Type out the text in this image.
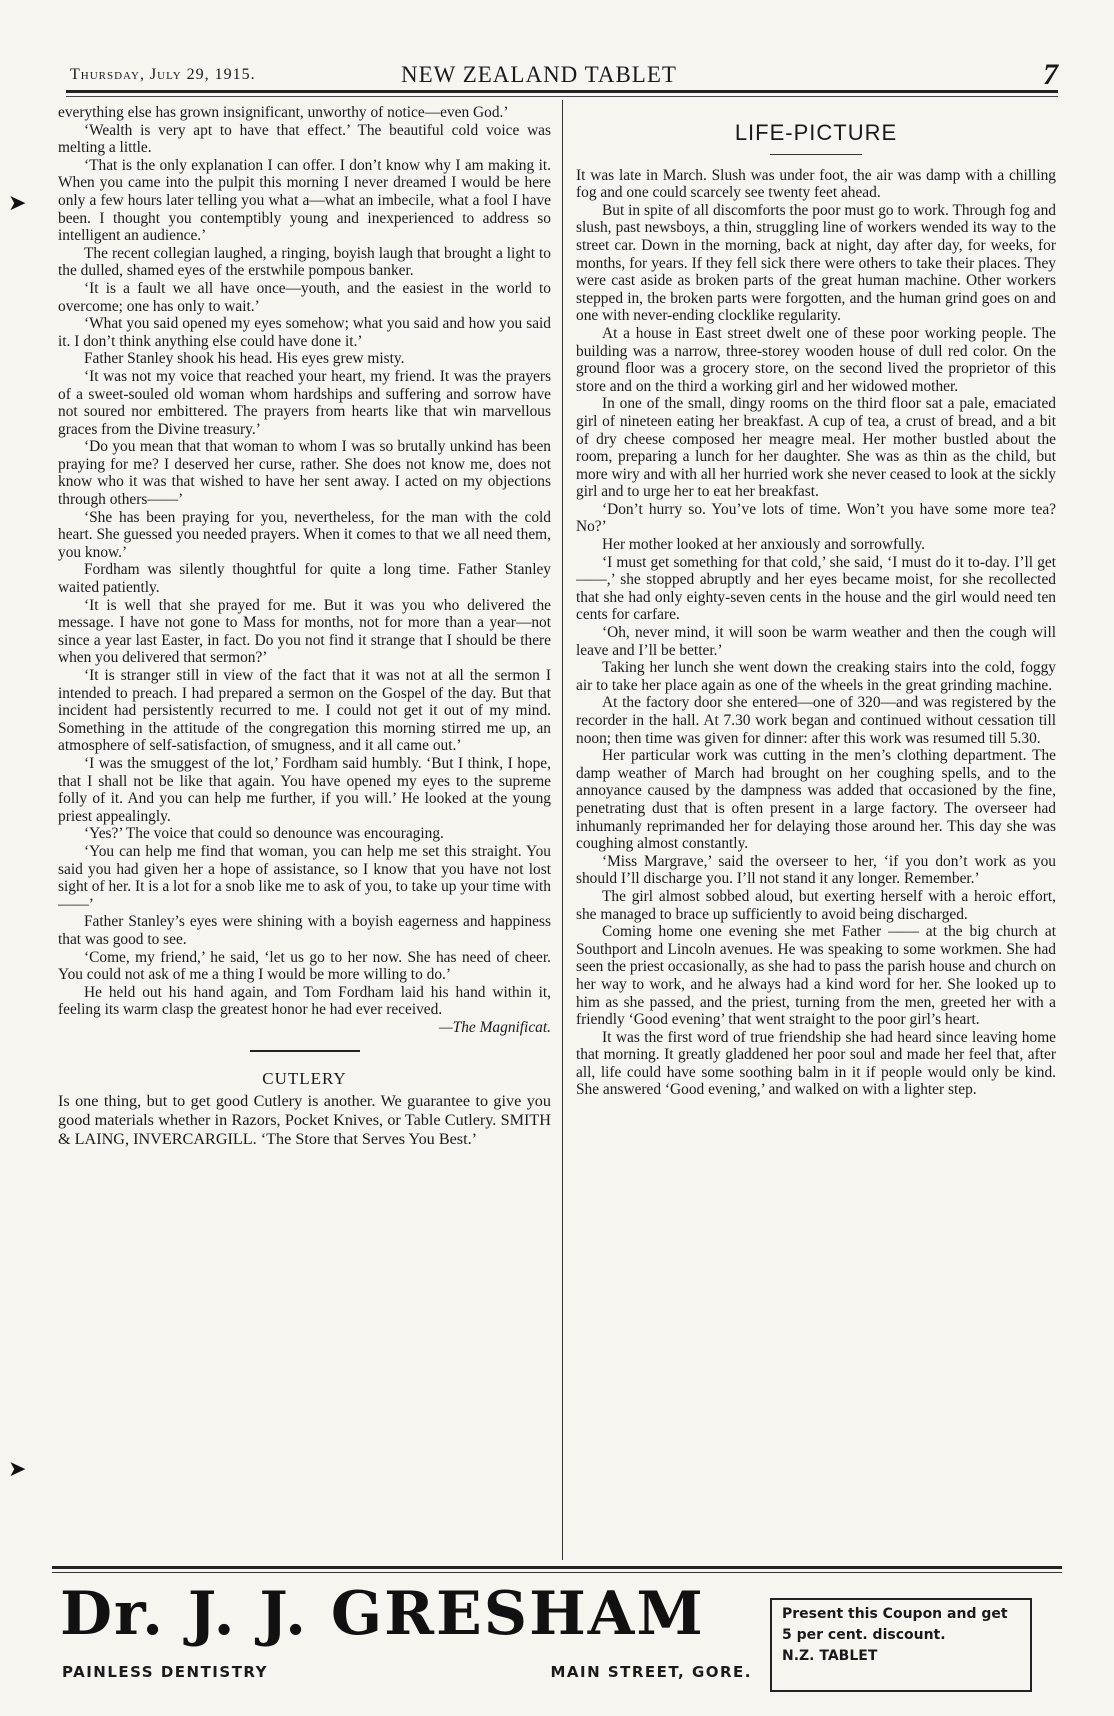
Thursday, July 29, 1915.	NEW ZEALAND TABLET	7

everything else has grown insignificant, unworthy of notice—even God.’

‘Wealth is very apt to have that effect.’ The beautiful cold voice was melting a little.

‘That is the only explanation I can offer. I don’t know why I am making it. When you came into the pulpit this morning I never dreamed I would be here only a few hours later telling you what a—what an imbecile, what a fool I have been. I thought you contemptibly young and inexperienced to address so intelligent an audience.’

The recent collegian laughed, a ringing, boyish laugh that brought a light to the dulled, shamed eyes of the erstwhile pompous banker.

‘It is a fault we all have once—youth, and the easiest in the world to overcome; one has only to wait.’

‘What you said opened my eyes somehow; what you said and how you said it. I don’t think anything else could have done it.’

Father Stanley shook his head. His eyes grew misty.

‘It was not my voice that reached your heart, my friend. It was the prayers of a sweet-souled old woman whom hardships and suffering and sorrow have not soured nor embittered. The prayers from hearts like that win marvellous graces from the Divine treasury.’

‘Do you mean that that woman to whom I was so brutally unkind has been praying for me? I deserved her curse, rather. She does not know me, does not know who it was that wished to have her sent away. I acted on my objections through others——’

‘She has been praying for you, nevertheless, for the man with the cold heart. She guessed you needed prayers. When it comes to that we all need them, you know.’

Fordham was silently thoughtful for quite a long time. Father Stanley waited patiently.

‘It is well that she prayed for me. But it was you who delivered the message. I have not gone to Mass for months, not for more than a year—not since a year last Easter, in fact. Do you not find it strange that I should be there when you delivered that sermon?’

‘It is stranger still in view of the fact that it was not at all the sermon I intended to preach. I had prepared a sermon on the Gospel of the day. But that incident had persistently recurred to me. I could not get it out of my mind. Something in the attitude of the congregation this morning stirred me up, an atmosphere of self-satisfaction, of smugness, and it all came out.’

‘I was the smuggest of the lot,’ Fordham said humbly. ‘But I think, I hope, that I shall not be like that again. You have opened my eyes to the supreme folly of it. And you can help me further, if you will.’ He looked at the young priest appealingly.

‘Yes?’ The voice that could so denounce was encouraging.

‘You can help me find that woman, you can help me set this straight. You said you had given her a hope of assistance, so I know that you have not lost sight of her. It is a lot for a snob like me to ask of you, to take up your time with——’

Father Stanley’s eyes were shining with a boyish eagerness and happiness that was good to see.

‘Come, my friend,’ he said, ‘let us go to her now. She has need of cheer. You could not ask of me a thing I would be more willing to do.’

He held out his hand again, and Tom Fordham laid his hand within it, feeling its warm clasp the greatest honor he had ever received.

—The Magnificat.

CUTLERY

Is one thing, but to get good Cutlery is another. We guarantee to give you good materials whether in Razors, Pocket Knives, or Table Cutlery. SMITH & LAING, INVERCARGILL. ‘The Store that Serves You Best.’

LIFE-PICTURE

It was late in March. Slush was under foot, the air was damp with a chilling fog and one could scarcely see twenty feet ahead.

But in spite of all discomforts the poor must go to work. Through fog and slush, past newsboys, a thin, struggling line of workers wended its way to the street car. Down in the morning, back at night, day after day, for weeks, for months, for years. If they fell sick there were others to take their places. They were cast aside as broken parts of the great human machine. Other workers stepped in, the broken parts were forgotten, and the human grind goes on and one with never-ending clocklike regularity.

At a house in East street dwelt one of these poor working people. The building was a narrow, three-storey wooden house of dull red color. On the ground floor was a grocery store, on the second lived the proprietor of this store and on the third a working girl and her widowed mother.

In one of the small, dingy rooms on the third floor sat a pale, emaciated girl of nineteen eating her breakfast. A cup of tea, a crust of bread, and a bit of dry cheese composed her meagre meal. Her mother bustled about the room, preparing a lunch for her daughter. She was as thin as the child, but more wiry and with all her hurried work she never ceased to look at the sickly girl and to urge her to eat her breakfast.

‘Don’t hurry so. You’ve lots of time. Won’t you have some more tea? No?’

Her mother looked at her anxiously and sorrowfully.

‘I must get something for that cold,’ she said, ‘I must do it to-day. I’ll get——,’ she stopped abruptly and her eyes became moist, for she recollected that she had only eighty-seven cents in the house and the girl would need ten cents for carfare.

‘Oh, never mind, it will soon be warm weather and then the cough will leave and I’ll be better.’

Taking her lunch she went down the creaking stairs into the cold, foggy air to take her place again as one of the wheels in the great grinding machine.

At the factory door she entered—one of 320—and was registered by the recorder in the hall. At 7.30 work began and continued without cessation till noon; then time was given for dinner: after this work was resumed till 5.30.

Her particular work was cutting in the men’s clothing department. The damp weather of March had brought on her coughing spells, and to the annoyance caused by the dampness was added that occasioned by the fine, penetrating dust that is often present in a large factory. The overseer had inhumanly reprimanded her for delaying those around her. This day she was coughing almost constantly.

‘Miss Margrave,’ said the overseer to her, ‘if you don’t work as you should I’ll discharge you. I’ll not stand it any longer. Remember.’

The girl almost sobbed aloud, but exerting herself with a heroic effort, she managed to brace up sufficiently to avoid being discharged.

Coming home one evening she met Father —— at the big church at Southport and Lincoln avenues. He was speaking to some workmen. She had seen the priest occasionally, as she had to pass the parish house and church on her way to work, and he always had a kind word for her. She looked up to him as she passed, and the priest, turning from the men, greeted her with a friendly ‘Good evening’ that went straight to the poor girl’s heart.

It was the first word of true friendship she had heard since leaving home that morning. It greatly gladdened her poor soul and made her feel that, after all, life could have some soothing balm in it if people would only be kind. She answered ‘Good evening,’ and walked on with a lighter step.

➤
➤
Dr. J. J. GRESHAM
PAINLESS DENTISTRY	MAIN STREET, GORE.
Present this Coupon and get
5 per cent. discount.
N.Z. TABLET
